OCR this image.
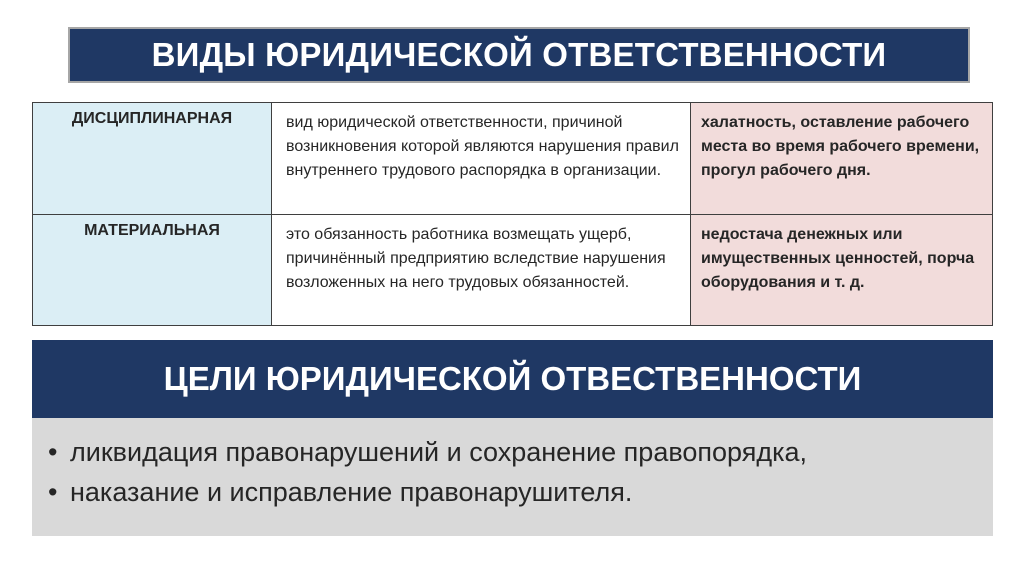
ВИДЫ ЮРИДИЧЕСКОЙ ОТВЕТСТВЕННОСТИ
ДИСЦИПЛИНАРНАЯ	вид юридической ответственности, причиной возникновения которой являются нарушения правил внутреннего трудового распорядка в организации.	халатность, оставление рабочего места во время рабочего времени, прогул рабочего дня.
МАТЕРИАЛЬНАЯ	это обязанность работника возмещать ущерб, причинённый предприятию вследствие нарушения возложенных на него трудовых обязанностей.	недостача денежных или имущественных ценностей, порча оборудования и т. д.
ЦЕЛИ ЮРИДИЧЕСКОЙ ОТВЕСТВЕННОСТИ
• ликвидация правонарушений и сохранение правопорядка,
• наказание и исправление правонарушителя.
